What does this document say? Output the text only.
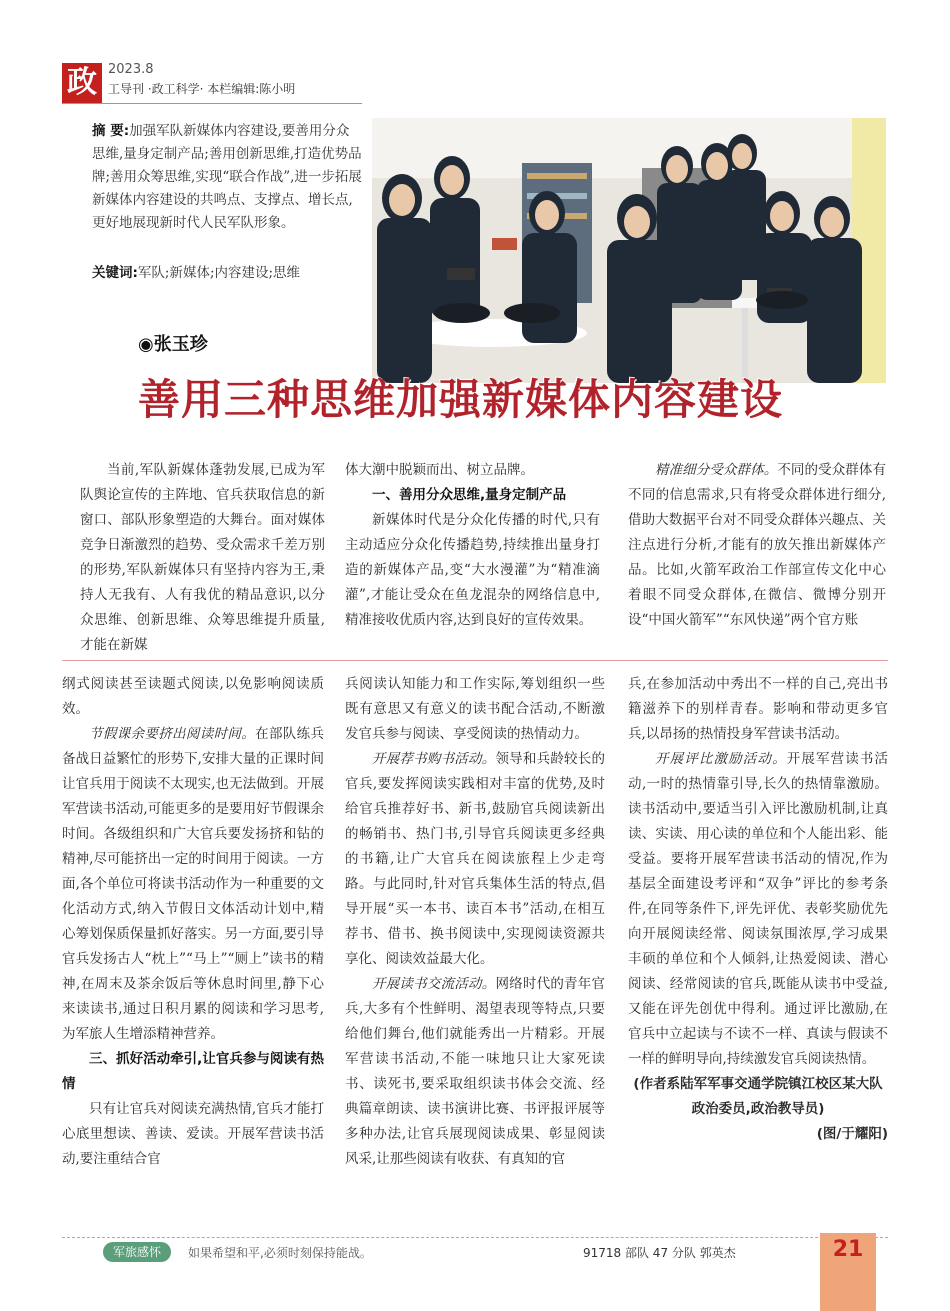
政 2023.8
工导刊 ·政工科学· 本栏编辑:陈小明
摘 要:加强军队新媒体内容建设,要善用分众思维,量身定制产品;善用创新思维,打造优势品牌;善用众筹思维,实现“联合作战”,进一步拓展新媒体内容建设的共鸣点、支撑点、增长点,更好地展现新时代人民军队形象。
关键词:军队;新媒体;内容建设;思维
◉张玉珍
善用三种思维加强新媒体内容建设

当前,军队新媒体蓬勃发展,已成为军队舆论宣传的主阵地、官兵获取信息的新窗口、部队形象塑造的大舞台。面对媒体竞争日渐激烈的趋势、受众需求千差万别的形势,军队新媒体只有坚持内容为王,秉持人无我有、人有我优的精品意识,以分众思维、创新思维、众筹思维提升质量,才能在新媒

体大潮中脱颖而出、树立品牌。

一、善用分众思维,量身定制产品

新媒体时代是分众化传播的时代,只有主动适应分众化传播趋势,持续推出量身打造的新媒体产品,变“大水漫灌”为“精准滴灌”,才能让受众在鱼龙混杂的网络信息中,精准接收优质内容,达到良好的宣传效果。

精准细分受众群体。不同的受众群体有不同的信息需求,只有将受众群体进行细分,借助大数据平台对不同受众群体兴趣点、关注点进行分析,才能有的放矢推出新媒体产品。比如,火箭军政治工作部宣传文化中心着眼不同受众群体,在微信、微博分别开设“中国火箭军”“东风快递”两个官方账

纲式阅读甚至读题式阅读,以免影响阅读质效。

节假课余要挤出阅读时间。在部队练兵备战日益繁忙的形势下,安排大量的正课时间让官兵用于阅读不太现实,也无法做到。开展军营读书活动,可能更多的是要用好节假课余时间。各级组织和广大官兵要发扬挤和钻的精神,尽可能挤出一定的时间用于阅读。一方面,各个单位可将读书活动作为一种重要的文化活动方式,纳入节假日文体活动计划中,精心筹划保质保量抓好落实。另一方面,要引导官兵发扬古人“枕上”“马上”“厕上”读书的精神,在周末及茶余饭后等休息时间里,静下心来读读书,通过日积月累的阅读和学习思考,为军旅人生增添精神营养。

三、抓好活动牵引,让官兵参与阅读有热情

只有让官兵对阅读充满热情,官兵才能打心底里想读、善读、爱读。开展军营读书活动,要注重结合官

兵阅读认知能力和工作实际,筹划组织一些既有意思又有意义的读书配合活动,不断激发官兵参与阅读、享受阅读的热情动力。

开展荐书购书活动。领导和兵龄较长的官兵,要发挥阅读实践相对丰富的优势,及时给官兵推荐好书、新书,鼓励官兵阅读新出的畅销书、热门书,引导官兵阅读更多经典的书籍,让广大官兵在阅读旅程上少走弯路。与此同时,针对官兵集体生活的特点,倡导开展“买一本书、读百本书”活动,在相互荐书、借书、换书阅读中,实现阅读资源共享化、阅读效益最大化。

开展读书交流活动。网络时代的青年官兵,大多有个性鲜明、渴望表现等特点,只要给他们舞台,他们就能秀出一片精彩。开展军营读书活动,不能一味地只让大家死读书、读死书,要采取组织读书体会交流、经典篇章朗读、读书演讲比赛、书评报评展等多种办法,让官兵展现阅读成果、彰显阅读风采,让那些阅读有收获、有真知的官

兵,在参加活动中秀出不一样的自己,亮出书籍滋养下的别样青春。影响和带动更多官兵,以昂扬的热情投身军营读书活动。

开展评比激励活动。开展军营读书活动,一时的热情靠引导,长久的热情靠激励。读书活动中,要适当引入评比激励机制,让真读、实读、用心读的单位和个人能出彩、能受益。要将开展军营读书活动的情况,作为基层全面建设考评和“双争”评比的参考条件,在同等条件下,评先评优、表彰奖励优先向开展阅读经常、阅读氛围浓厚,学习成果丰硕的单位和个人倾斜,让热爱阅读、潜心阅读、经常阅读的官兵,既能从读书中受益,又能在评先创优中得利。通过评比激励,在官兵中立起读与不读不一样、真读与假读不一样的鲜明导向,持续激发官兵阅读热情。

(作者系陆军军事交通学院镇江校区某大队政治委员,政治教导员)

(图/于耀阳)

军旅感怀	如果希望和平,必须时刻保持能战。	91718 部队 47 分队 郭英杰	21
